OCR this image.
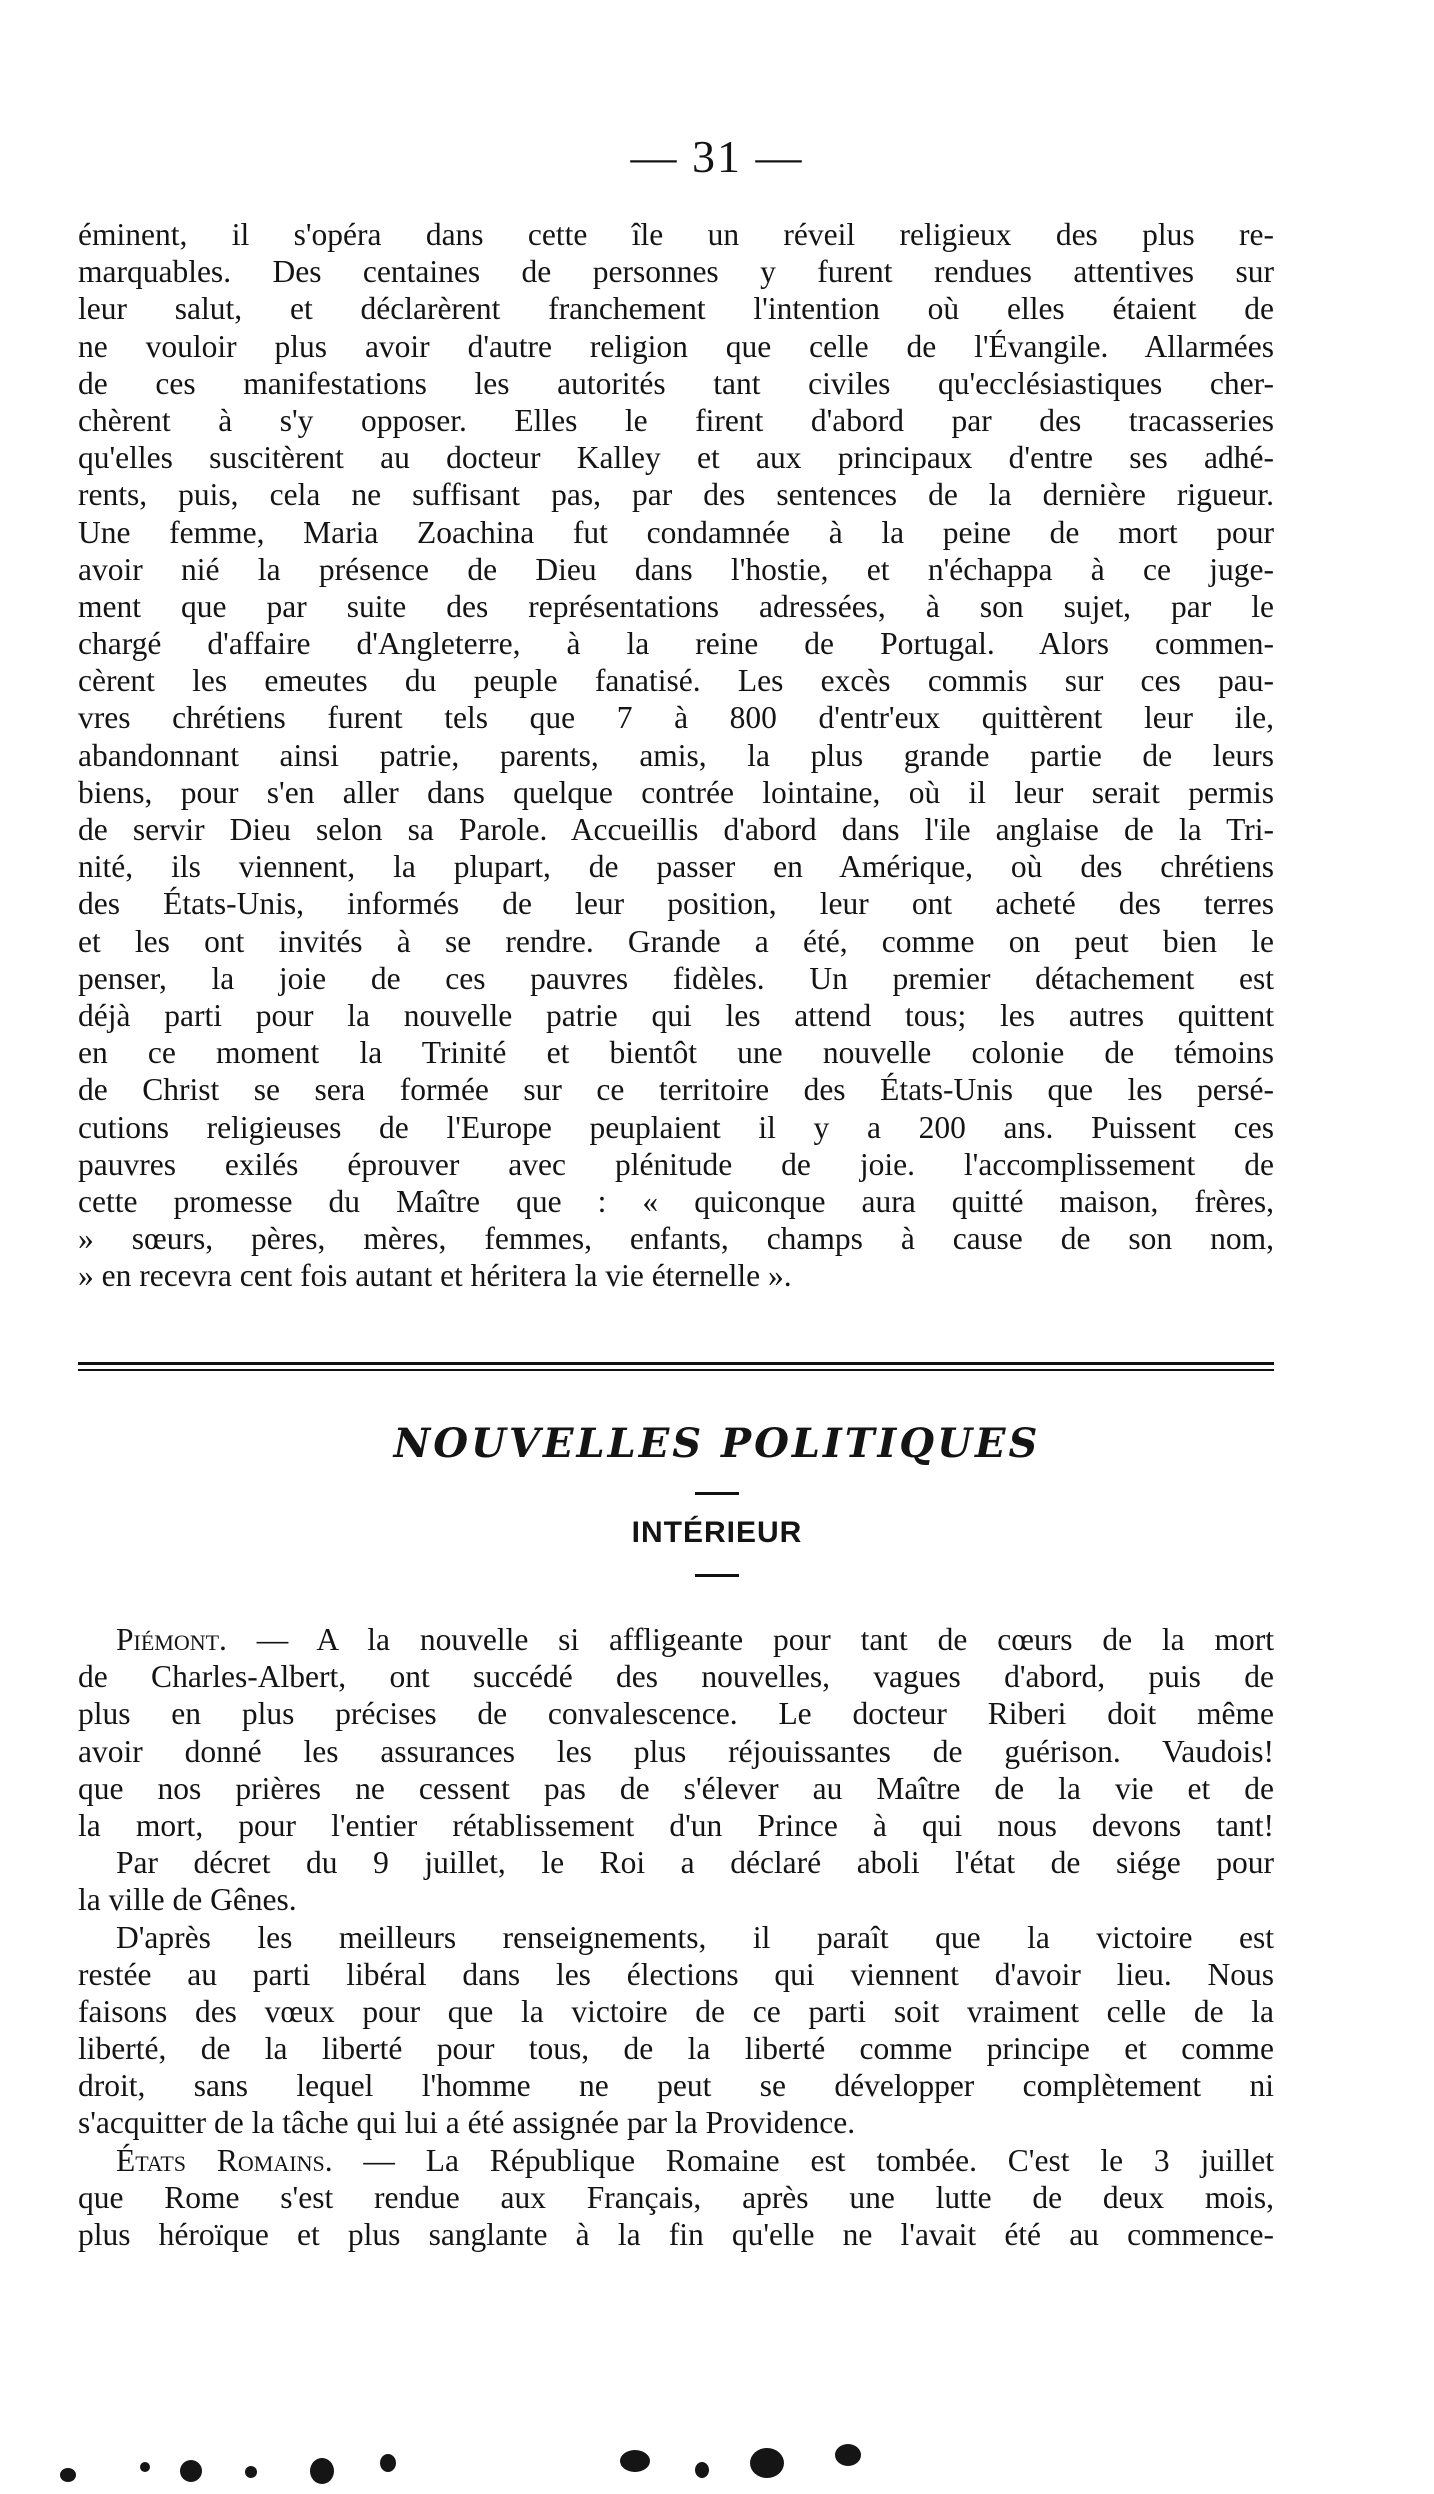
— 31 —
éminent, il s'opéra dans cette île un réveil religieux des plus re-
marquables. Des centaines de personnes y furent rendues attentives sur
leur salut, et déclarèrent franchement l'intention où elles étaient de
ne vouloir plus avoir d'autre religion que celle de l'Évangile. Allarmées
de ces manifestations les autorités tant civiles qu'ecclésiastiques cher-
chèrent à s'y opposer. Elles le firent d'abord par des tracasseries
qu'elles suscitèrent au docteur Kalley et aux principaux d'entre ses adhé-
rents, puis, cela ne suffisant pas, par des sentences de la dernière rigueur.
Une femme, Maria Zoachina fut condamnée à la peine de mort pour
avoir nié la présence de Dieu dans l'hostie, et n'échappa à ce juge-
ment que par suite des représentations adressées, à son sujet, par le
chargé d'affaire d'Angleterre, à la reine de Portugal. Alors commen-
cèrent les emeutes du peuple fanatisé. Les excès commis sur ces pau-
vres chrétiens furent tels que 7 à 800 d'entr'eux quittèrent leur ile,
abandonnant ainsi patrie, parents, amis, la plus grande partie de leurs
biens, pour s'en aller dans quelque contrée lointaine, où il leur serait permis
de servir Dieu selon sa Parole. Accueillis d'abord dans l'ile anglaise de la Tri-
nité, ils viennent, la plupart, de passer en Amérique, où des chrétiens
des États-Unis, informés de leur position, leur ont acheté des terres
et les ont invités à se rendre. Grande a été, comme on peut bien le
penser, la joie de ces pauvres fidèles. Un premier détachement est
déjà parti pour la nouvelle patrie qui les attend tous; les autres quittent
en ce moment la Trinité et bientôt une nouvelle colonie de témoins
de Christ se sera formée sur ce territoire des États-Unis que les persé-
cutions religieuses de l'Europe peuplaient il y a 200 ans. Puissent ces
pauvres exilés éprouver avec plénitude de joie. l'accomplissement de
cette promesse du Maître que : « quiconque aura quitté maison, frères,
» sœurs, pères, mères, femmes, enfants, champs à cause de son nom,
» en recevra cent fois autant et héritera la vie éternelle ».
NOUVELLES POLITIQUES
INTÉRIEUR
Piémont. — A la nouvelle si affligeante pour tant de cœurs de la mort
de Charles-Albert, ont succédé des nouvelles, vagues d'abord, puis de
plus en plus précises de convalescence. Le docteur Riberi doit même
avoir donné les assurances les plus réjouissantes de guérison. Vaudois!
que nos prières ne cessent pas de s'élever au Maître de la vie et de
la mort, pour l'entier rétablissement d'un Prince à qui nous devons tant!
Par décret du 9 juillet, le Roi a déclaré aboli l'état de siége pour
la ville de Gênes.
D'après les meilleurs renseignements, il paraît que la victoire est
restée au parti libéral dans les élections qui viennent d'avoir lieu. Nous
faisons des vœux pour que la victoire de ce parti soit vraiment celle de la
liberté, de la liberté pour tous, de la liberté comme principe et comme
droit, sans lequel l'homme ne peut se développer complètement ni
s'acquitter de la tâche qui lui a été assignée par la Providence.
États Romains. — La République Romaine est tombée. C'est le 3 juillet
que Rome s'est rendue aux Français, après une lutte de deux mois,
plus héroïque et plus sanglante à la fin qu'elle ne l'avait été au commence-
